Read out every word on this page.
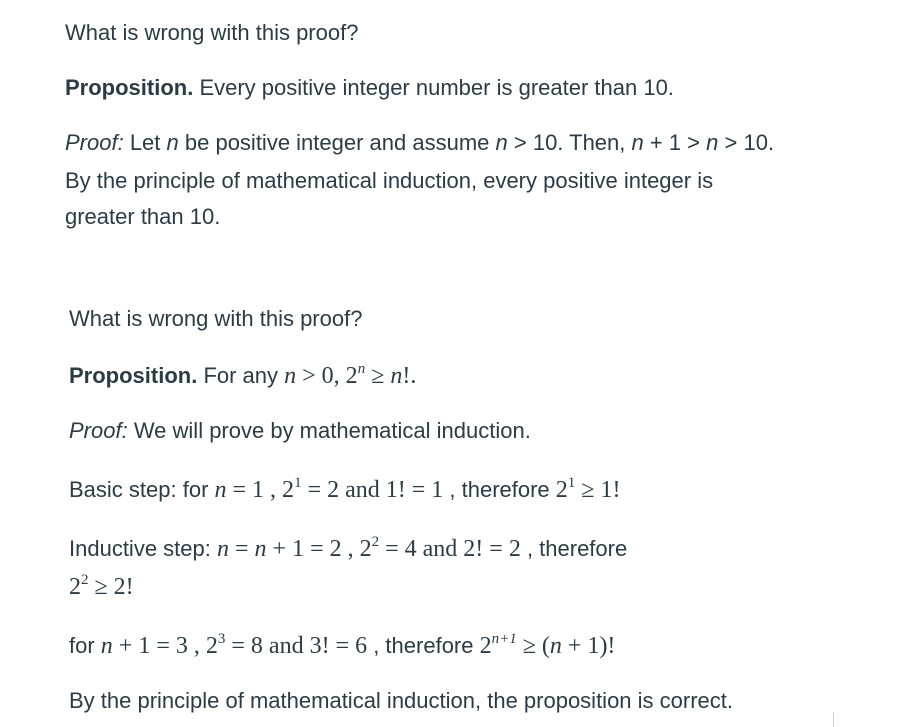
What is wrong with this proof?
Proposition. Every positive integer number is greater than 10.
Proof: Let n be positive integer and assume n > 10. Then, n + 1 > n > 10.
By the principle of mathematical induction, every positive integer is
greater than 10.
What is wrong with this proof?
Proposition. For any n > 0, $2^n \ge n$!.
Proof: We will prove by mathematical induction.
Basic step: for n = 1 , $2^1 = 2$ and 1! = 1 , therefore $2^1 \ge 1$!
Inductive step: n = n + 1 = 2 , $2^2 = 4$ and 2! = 2 , therefore
$2^2 \ge 2$!
for n + 1 = 3 , $2^3 = 8$ and 3! = 6 , therefore $2^{n+1} \ge (n + 1)$!
By the principle of mathematical induction, the proposition is correct.
